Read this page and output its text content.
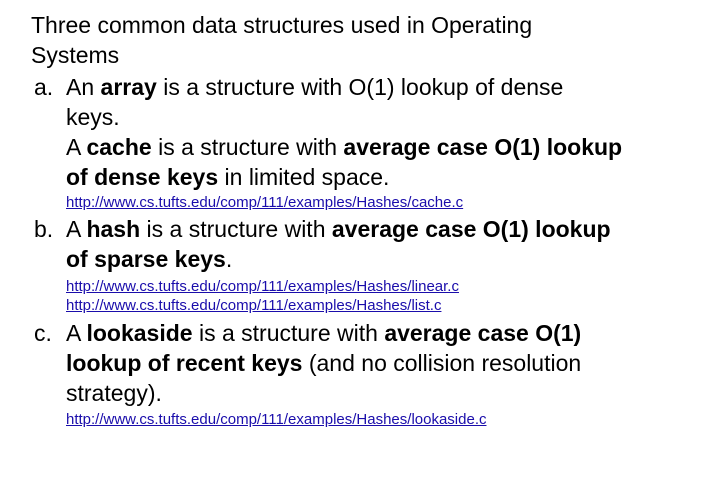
Three common data structures used in Operating
Systems
a. An array is a structure with O(1) lookup of dense
keys.
A cache is a structure with average case O(1) lookup
of dense keys in limited space.
http://www.cs.tufts.edu/comp/111/examples/Hashes/cache.c
b. A hash is a structure with average case O(1) lookup
of sparse keys.
http://www.cs.tufts.edu/comp/111/examples/Hashes/linear.c
http://www.cs.tufts.edu/comp/111/examples/Hashes/list.c
c. A lookaside is a structure with average case O(1)
lookup of recent keys (and no collision resolution
strategy).
http://www.cs.tufts.edu/comp/111/examples/Hashes/lookaside.c
